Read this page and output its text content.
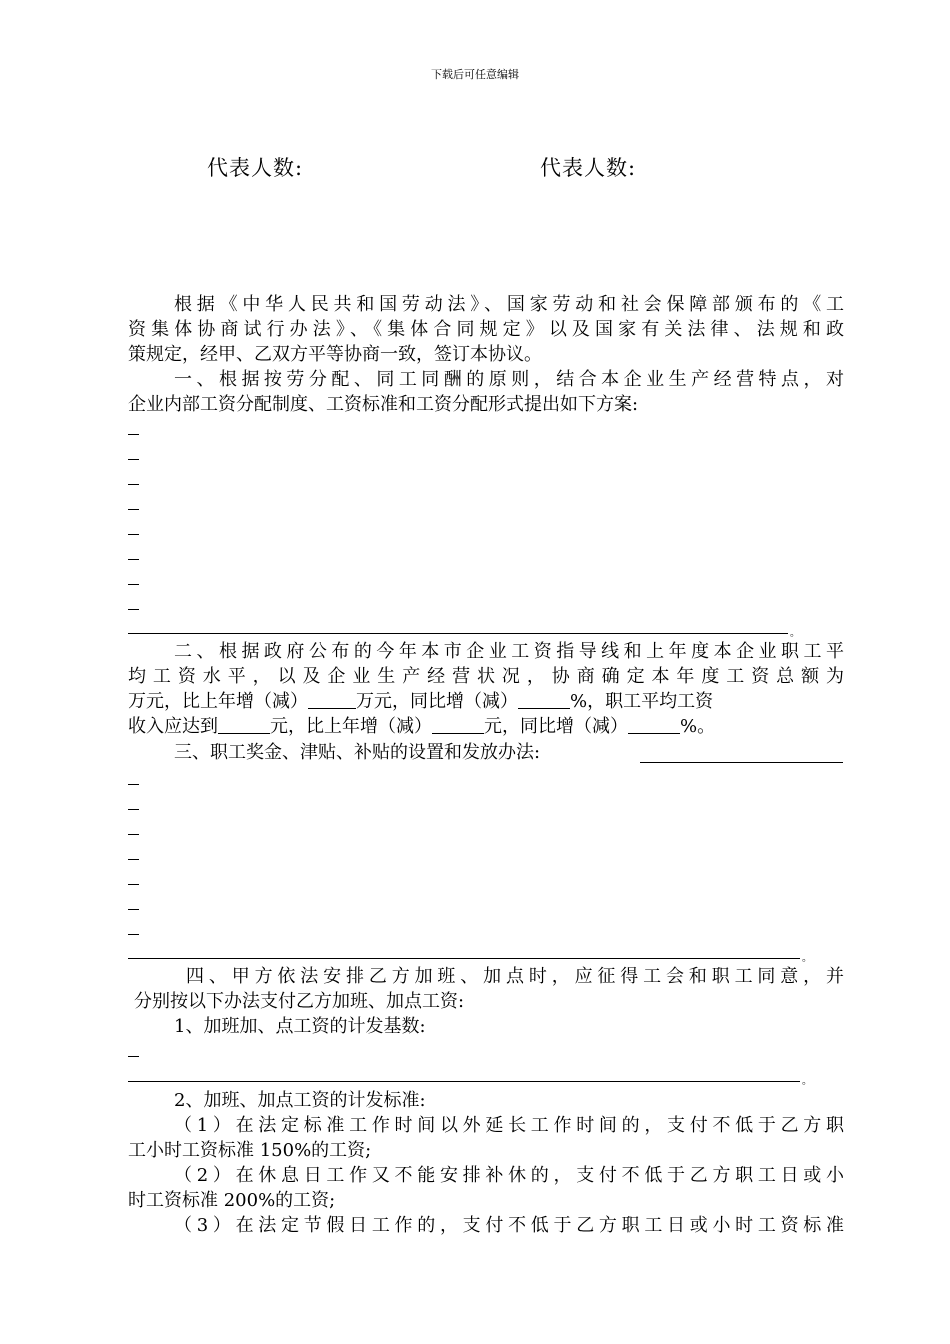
下载后可任意编辑
代表人数:	代表人数:
根据《中华人民共和国劳动法》、国家劳动和社会保障部颁布的《工
资集体协商试行办法》、《集体合同规定》以及国家有关法律、法规和政
策规定，经甲、乙双方平等协商一致，签订本协议。
一、根据按劳分配、同工同酬的原则，结合本企业生产经营特点，对
企业内部工资分配制度、工资标准和工资分配形式提出如下方案:
。
二、根据政府公布的今年本市企业工资指导线和上年度本企业职工平
均工资水平，以及企业生产经营状况，协商确定本年度工资总额为
万元，比上年增（减）	万元，同比增（减）	%，职工平均工资
收入应达到	元，比上年增（减）	元，同比增（减）	%。
三、职工奖金、津贴、补贴的设置和发放办法:
。
四、甲方依法安排乙方加班、加点时，应征得工会和职工同意，并
分别按以下办法支付乙方加班、加点工资:
1、加班加、点工资的计发基数:
。
2、加班、加点工资的计发标准:
（1）在法定标准工作时间以外延长工作时间的，支付不低于乙方职
工小时工资标准 150%的工资;
（2）在休息日工作又不能安排补休的，支付不低于乙方职工日或小
时工资标准 200%的工资;
（3）在法定节假日工作的，支付不低于乙方职工日或小时工资标准
